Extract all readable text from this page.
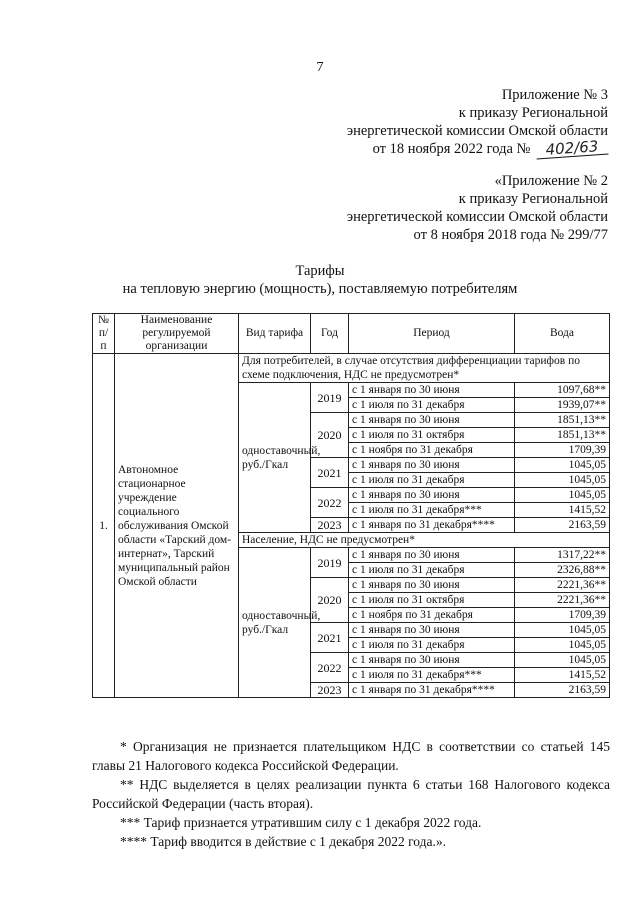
7
Приложение № 3
к приказу Региональной
энергетической комиссии Омской области
от 18 ноября 2022 года № 402/63
«Приложение № 2
к приказу Региональной
энергетической комиссии Омской области
от 8 ноября 2018 года № 299/77
Тарифы
на тепловую энергию (мощность), поставляемую потребителям
№ п/п	Наименование регулируемой организации	Вид тарифа	Год	Период	Вода
1.	Автономное стационарное учреждение социального обслуживания Омской области «Тарский дом-интернат», Тарский муниципальный район Омской области	Для потребителей, в случае отсутствия дифференциации тарифов по схеме подключения, НДС не предусмотрен*			
		одноставочный, руб./Гкал	2019	с 1 января по 30 июня	1097,68**
				с 1 июля по 31 декабря	1939,07**
			2020	с 1 января по 30 июня	1851,13**
				с 1 июля по 31 октября	1851,13**
				с 1 ноября по 31 декабря	1709,39
			2021	с 1 января по 30 июня	1045,05
				с 1 июля по 31 декабря	1045,05
			2022	с 1 января по 30 июня	1045,05
				с 1 июля по 31 декабря***	1415,52
			2023	с 1 января по 31 декабря****	2163,59
		Население, НДС не предусмотрен*			
		одноставочный, руб./Гкал	2019	с 1 января по 30 июня	1317,22**
				с 1 июля по 31 декабря	2326,88**
			2020	с 1 января по 30 июня	2221,36**
				с 1 июля по 31 октября	2221,36**
				с 1 ноября по 31 декабря	1709,39
			2021	с 1 января по 30 июня	1045,05
				с 1 июля по 31 декабря	1045,05
			2022	с 1 января по 30 июня	1045,05
				с 1 июля по 31 декабря***	1415,52
			2023	с 1 января по 31 декабря****	2163,59

* Организация не признается плательщиком НДС в соответствии со статьей 145 главы 21 Налогового кодекса Российской Федерации.

** НДС выделяется в целях реализации пункта 6 статьи 168 Налогового кодекса Российской Федерации (часть вторая).

*** Тариф признается утратившим силу с 1 декабря 2022 года.

**** Тариф вводится в действие с 1 декабря 2022 года.».
